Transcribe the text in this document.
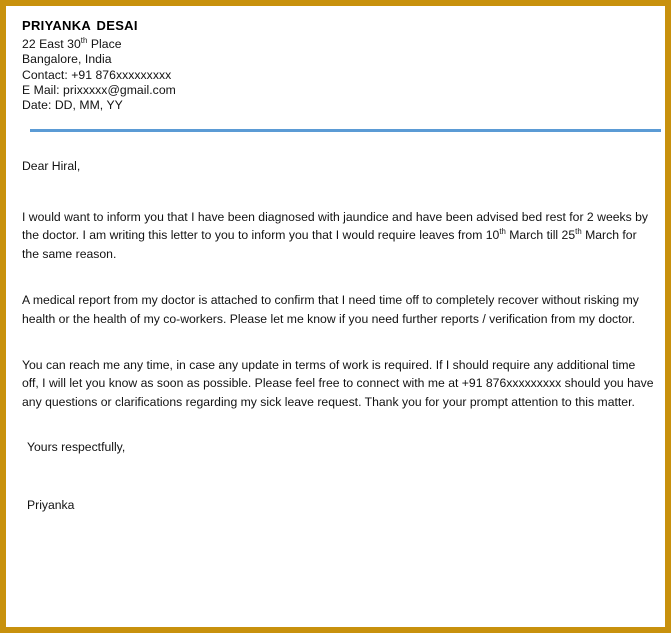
priyanka desai
22 East 30th Place
Bangalore, India
Contact: +91 876xxxxxxxxx
E Mail: prixxxxx@gmail.com
Date: DD, MM, YY

Dear Hiral,

I would want to inform you that I have been diagnosed with jaundice and have been advised bed rest for 2 weeks by the doctor. I am writing this letter to you to inform you that I would require leaves from 10th March till 25th March for the same reason.

A medical report from my doctor is attached to confirm that I need time off to completely recover without risking my health or the health of my co-workers. Please let me know if you need further reports / verification from my doctor.

You can reach me any time, in case any update in terms of work is required. If I should require any additional time off, I will let you know as soon as possible. Please feel free to connect with me at +91 876xxxxxxxxx should you have any questions or clarifications regarding my sick leave request. Thank you for your prompt attention to this matter.

Yours respectfully,

Priyanka
